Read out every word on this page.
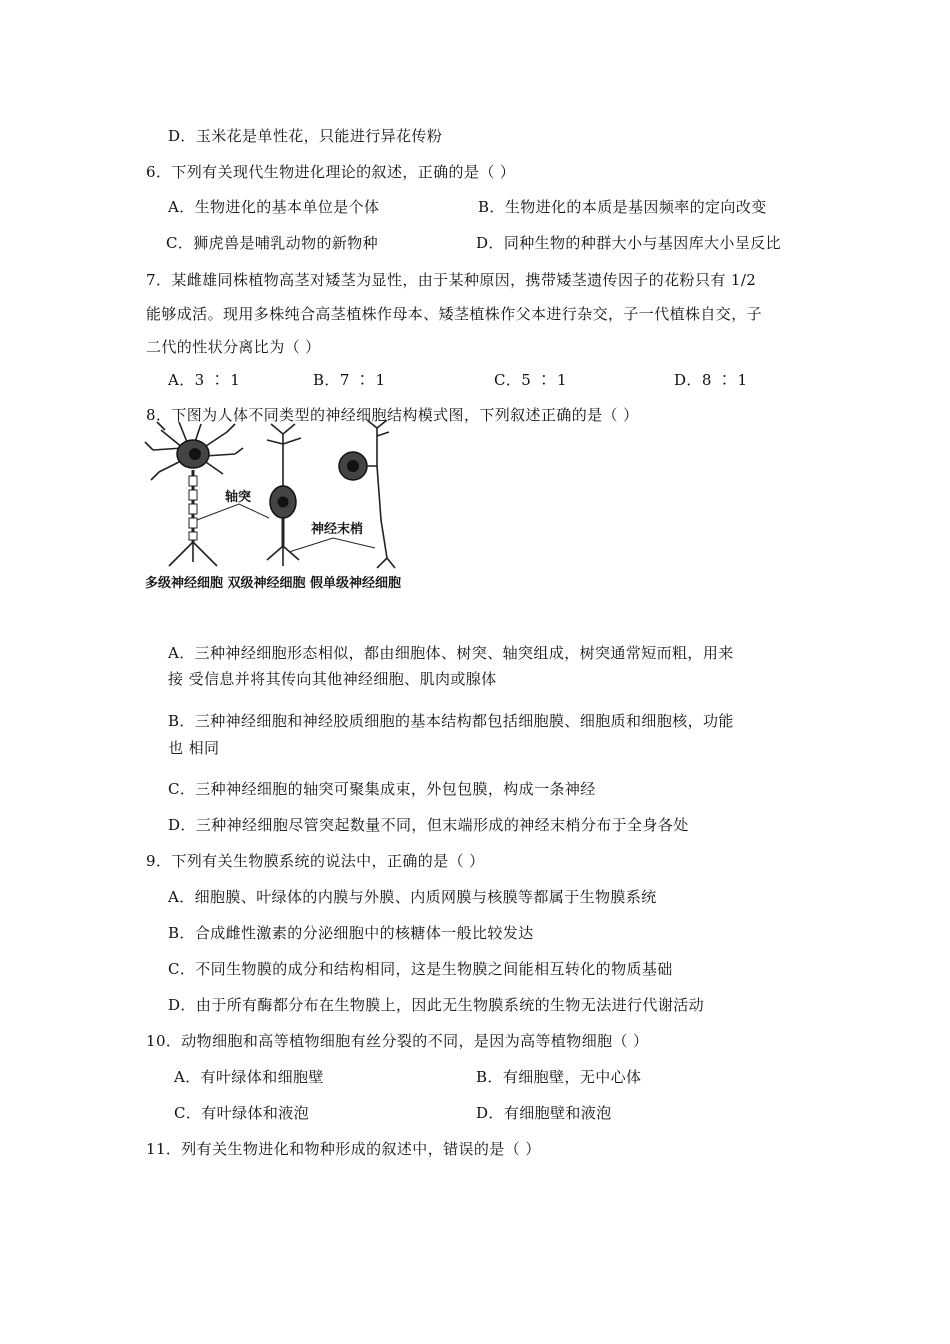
D．玉米花是单性花，只能进行异花传粉
6．下列有关现代生物进化理论的叙述，正确的是（ ）
A．生物进化的基本单位是个体	B．生物进化的本质是基因频率的定向改变
C．狮虎兽是哺乳动物的新物种	D．同种生物的种群大小与基因库大小呈反比
7．某雌雄同株植物高茎对矮茎为显性，由于某种原因，携带矮茎遗传因子的花粉只有 1/2
能够成活。现用多株纯合高茎植株作母本、矮茎植株作父本进行杂交，子一代植株自交，子
二代的性状分离比为（ ）
A．3 ∶ 1	B．7 ∶ 1	C．5 ∶ 1	D．8 ∶ 1
8．下图为人体不同类型的神经细胞结构模式图，下列叙述正确的是（ ）
轴突
神经末梢
多级神经细胞 双级神经细胞 假单级神经细胞
A．三种神经细胞形态相似，都由细胞体、树突、轴突组成，树突通常短而粗，用来
接 受信息并将其传向其他神经细胞、肌肉或腺体
B．三种神经细胞和神经胶质细胞的基本结构都包括细胞膜、细胞质和细胞核，功能
也 相同
C．三种神经细胞的轴突可聚集成束，外包包膜，构成一条神经
D．三种神经细胞尽管突起数量不同，但末端形成的神经末梢分布于全身各处
9．下列有关生物膜系统的说法中，正确的是（ ）
A．细胞膜、叶绿体的内膜与外膜、内质网膜与核膜等都属于生物膜系统
B．合成雌性激素的分泌细胞中的核糖体一般比较发达
C．不同生物膜的成分和结构相同，这是生物膜之间能相互转化的物质基础
D．由于所有酶都分布在生物膜上，因此无生物膜系统的生物无法进行代谢活动
10．动物细胞和高等植物细胞有丝分裂的不同，是因为高等植物细胞（ ）
A．有叶绿体和细胞壁	B．有细胞壁，无中心体
C．有叶绿体和液泡	D．有细胞壁和液泡
11．列有关生物进化和物种形成的叙述中，错误的是（ ）
